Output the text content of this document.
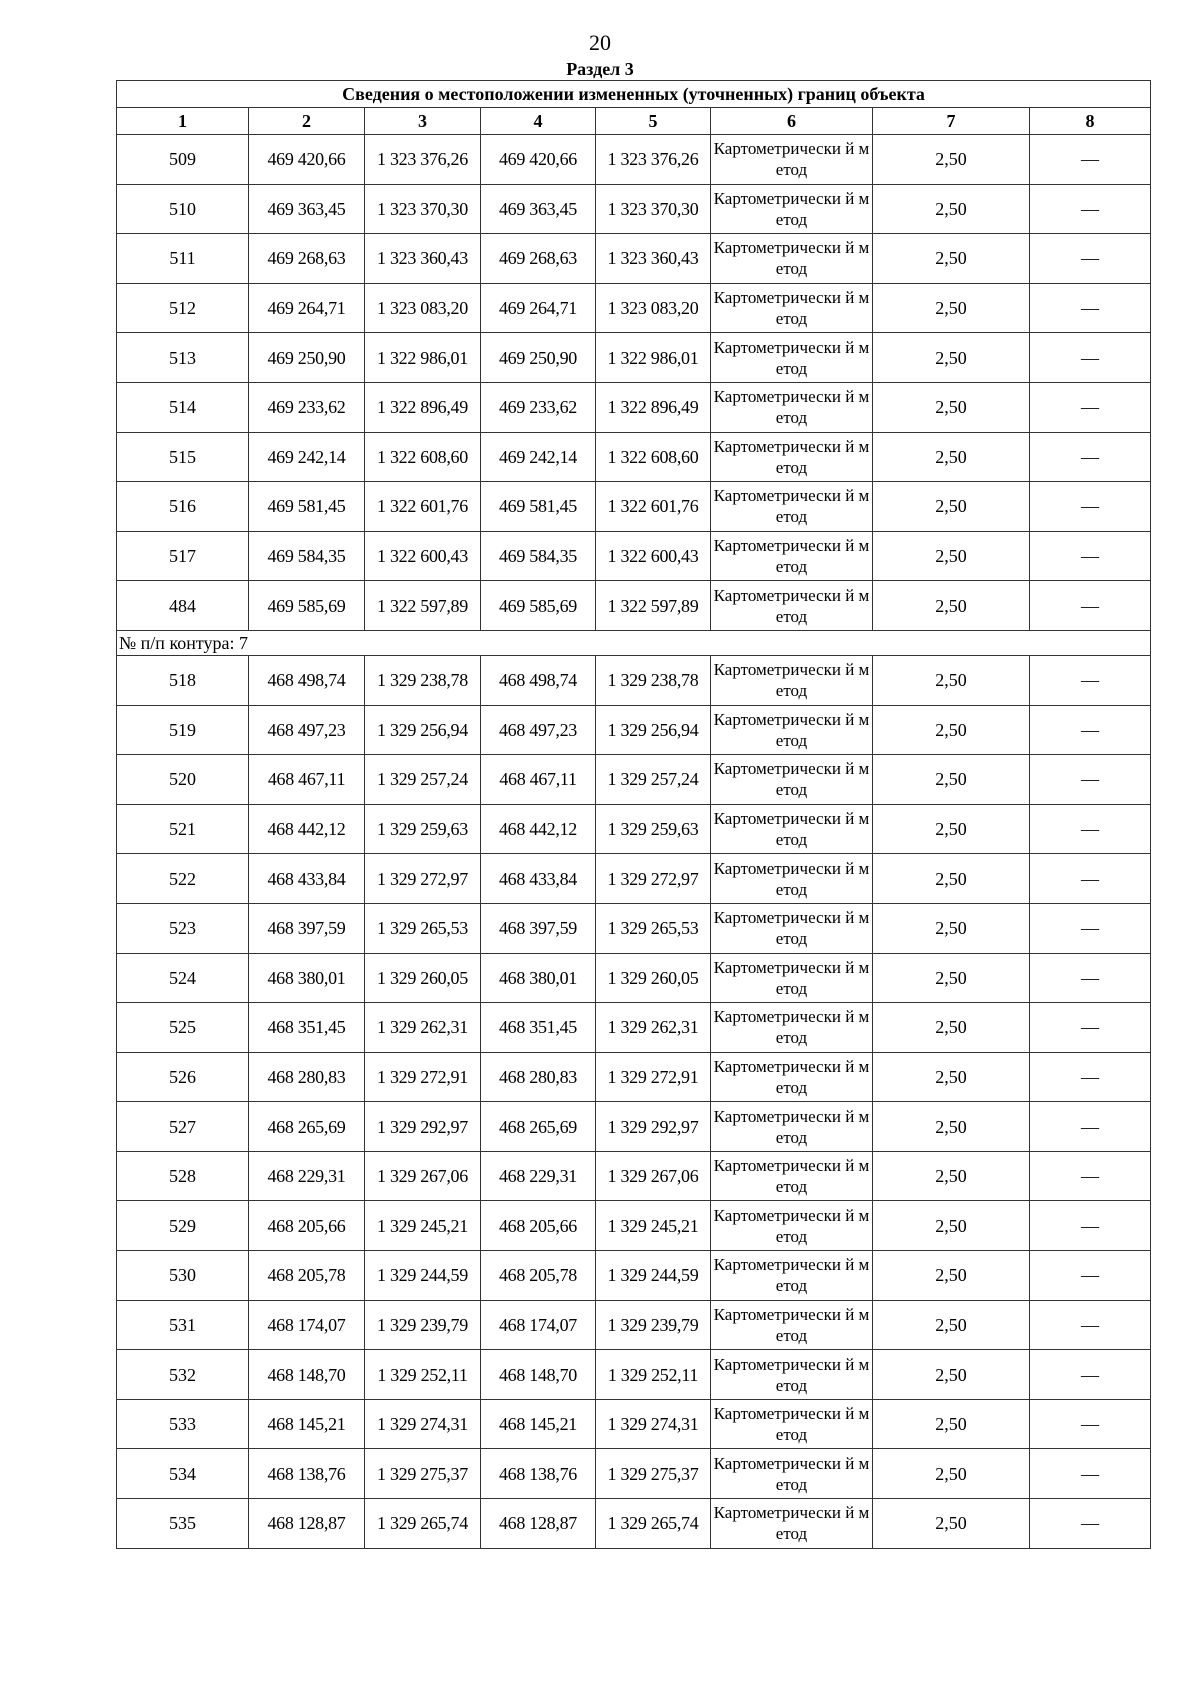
20
Раздел 3
Сведения о местоположении измененных (уточненных) границ объекта							
1	2	3	4	5	6	7	8
509	469 420,66	1 323 376,26	469 420,66	1 323 376,26	Картометрически й метод	2,50	—
510	469 363,45	1 323 370,30	469 363,45	1 323 370,30	Картометрически й метод	2,50	—
511	469 268,63	1 323 360,43	469 268,63	1 323 360,43	Картометрически й метод	2,50	—
512	469 264,71	1 323 083,20	469 264,71	1 323 083,20	Картометрически й метод	2,50	—
513	469 250,90	1 322 986,01	469 250,90	1 322 986,01	Картометрически й метод	2,50	—
514	469 233,62	1 322 896,49	469 233,62	1 322 896,49	Картометрически й метод	2,50	—
515	469 242,14	1 322 608,60	469 242,14	1 322 608,60	Картометрически й метод	2,50	—
516	469 581,45	1 322 601,76	469 581,45	1 322 601,76	Картометрически й метод	2,50	—
517	469 584,35	1 322 600,43	469 584,35	1 322 600,43	Картометрически й метод	2,50	—
484	469 585,69	1 322 597,89	469 585,69	1 322 597,89	Картометрически й метод	2,50	—
№ п/п контура: 7							
518	468 498,74	1 329 238,78	468 498,74	1 329 238,78	Картометрически й метод	2,50	—
519	468 497,23	1 329 256,94	468 497,23	1 329 256,94	Картометрически й метод	2,50	—
520	468 467,11	1 329 257,24	468 467,11	1 329 257,24	Картометрически й метод	2,50	—
521	468 442,12	1 329 259,63	468 442,12	1 329 259,63	Картометрически й метод	2,50	—
522	468 433,84	1 329 272,97	468 433,84	1 329 272,97	Картометрически й метод	2,50	—
523	468 397,59	1 329 265,53	468 397,59	1 329 265,53	Картометрически й метод	2,50	—
524	468 380,01	1 329 260,05	468 380,01	1 329 260,05	Картометрически й метод	2,50	—
525	468 351,45	1 329 262,31	468 351,45	1 329 262,31	Картометрически й метод	2,50	—
526	468 280,83	1 329 272,91	468 280,83	1 329 272,91	Картометрически й метод	2,50	—
527	468 265,69	1 329 292,97	468 265,69	1 329 292,97	Картометрически й метод	2,50	—
528	468 229,31	1 329 267,06	468 229,31	1 329 267,06	Картометрически й метод	2,50	—
529	468 205,66	1 329 245,21	468 205,66	1 329 245,21	Картометрически й метод	2,50	—
530	468 205,78	1 329 244,59	468 205,78	1 329 244,59	Картометрически й метод	2,50	—
531	468 174,07	1 329 239,79	468 174,07	1 329 239,79	Картометрически й метод	2,50	—
532	468 148,70	1 329 252,11	468 148,70	1 329 252,11	Картометрически й метод	2,50	—
533	468 145,21	1 329 274,31	468 145,21	1 329 274,31	Картометрически й метод	2,50	—
534	468 138,76	1 329 275,37	468 138,76	1 329 275,37	Картометрически й метод	2,50	—
535	468 128,87	1 329 265,74	468 128,87	1 329 265,74	Картометрически й метод	2,50	—
